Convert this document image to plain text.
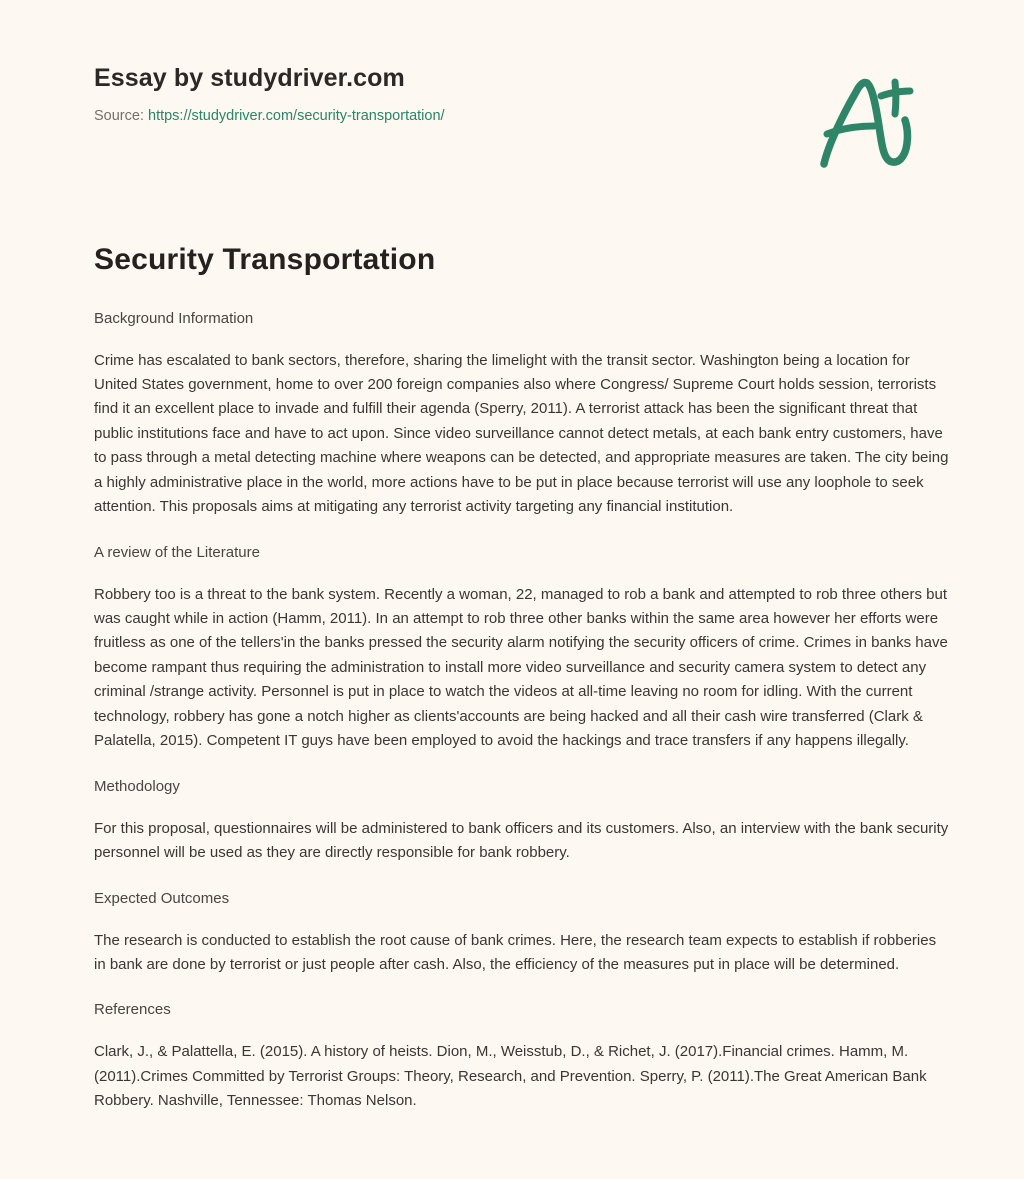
Essay by studydriver.com
Source: https://studydriver.com/security-transportation/
Security Transportation
Background Information

Crime has escalated to bank sectors, therefore, sharing the limelight with the transit sector. Washington being a location for United States government, home to over 200 foreign companies also where Congress/ Supreme Court holds session, terrorists find it an excellent place to invade and fulfill their agenda (Sperry, 2011). A terrorist attack has been the significant threat that public institutions face and have to act upon. Since video surveillance cannot detect metals, at each bank entry customers, have to pass through a metal detecting machine where weapons can be detected, and appropriate measures are taken. The city being a highly administrative place in the world, more actions have to be put in place because terrorist will use any loophole to seek attention. This proposals aims at mitigating any terrorist activity targeting any financial institution.

A review of the Literature

Robbery too is a threat to the bank system. Recently a woman, 22, managed to rob a bank and attempted to rob three others but was caught while in action (Hamm, 2011). In an attempt to rob three other banks within the same area however her efforts were fruitless as one of the tellers'in the banks pressed the security alarm notifying the security officers of crime. Crimes in banks have become rampant thus requiring the administration to install more video surveillance and security camera system to detect any criminal /strange activity. Personnel is put in place to watch the videos at all-time leaving no room for idling. With the current technology, robbery has gone a notch higher as clients'accounts are being hacked and all their cash wire transferred (Clark & Palatella, 2015). Competent IT guys have been employed to avoid the hackings and trace transfers if any happens illegally.

Methodology

For this proposal, questionnaires will be administered to bank officers and its customers. Also, an interview with the bank security personnel will be used as they are directly responsible for bank robbery.

Expected Outcomes

The research is conducted to establish the root cause of bank crimes. Here, the research team expects to establish if robberies in bank are done by terrorist or just people after cash. Also, the efficiency of the measures put in place will be determined.

References

Clark, J., & Palattella, E. (2015). A history of heists. Dion, M., Weisstub, D., & Richet, J. (2017).Financial crimes. Hamm, M. (2011).Crimes Committed by Terrorist Groups: Theory, Research, and Prevention. Sperry, P. (2011).The Great American Bank Robbery. Nashville, Tennessee: Thomas Nelson.
